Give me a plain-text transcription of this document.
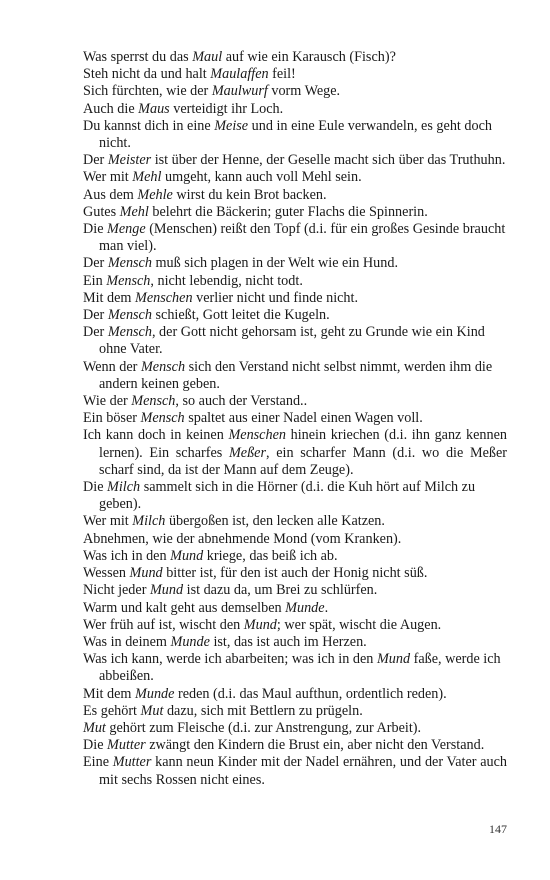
Was sperrst du das Maul auf wie ein Karausch (Fisch)?

Steh nicht da und halt Maulaffen feil!

Sich fürchten, wie der Maulwurf vorm Wege.

Auch die Maus verteidigt ihr Loch.

Du kannst dich in eine Meise und in eine Eule verwandeln, es geht doch nicht.

Der Meister ist über der Henne, der Geselle macht sich über das Truthuhn.

Wer mit Mehl umgeht, kann auch voll Mehl sein.

Aus dem Mehle wirst du kein Brot backen.

Gutes Mehl belehrt die Bäckerin; guter Flachs die Spinnerin.

Die Menge (Menschen) reißt den Topf (d.i. für ein großes Gesinde braucht man viel).

Der Mensch muß sich plagen in der Welt wie ein Hund.

Ein Mensch, nicht lebendig, nicht todt.

Mit dem Menschen verlier nicht und finde nicht.

Der Mensch schießt, Gott leitet die Kugeln.

Der Mensch, der Gott nicht gehorsam ist, geht zu Grunde wie ein Kind ohne Vater.

Wenn der Mensch sich den Verstand nicht selbst nimmt, werden ihm die andern keinen geben.

Wie der Mensch, so auch der Verstand..

Ein böser Mensch spaltet aus einer Nadel einen Wagen voll.

Ich kann doch in keinen Menschen hinein kriechen (d.i. ihn ganz kennen lernen). Ein scharfes Meßer, ein scharfer Mann (d.i. wo die Meßer scharf sind, da ist der Mann auf dem Zeuge).

Die Milch sammelt sich in die Hörner (d.i. die Kuh hört auf Milch zu geben).

Wer mit Milch übergoßen ist, den lecken alle Katzen.

Abnehmen, wie der abnehmende Mond (vom Kranken).

Was ich in den Mund kriege, das beiß ich ab.

Wessen Mund bitter ist, für den ist auch der Honig nicht süß.

Nicht jeder Mund ist dazu da, um Brei zu schlürfen.

Warm und kalt geht aus demselben Munde.

Wer früh auf ist, wischt den Mund; wer spät, wischt die Augen.

Was in deinem Munde ist, das ist auch im Herzen.

Was ich kann, werde ich abarbeiten; was ich in den Mund faße, werde ich abbeißen.

Mit dem Munde reden (d.i. das Maul aufthun, ordentlich reden).

Es gehört Mut dazu, sich mit Bettlern zu prügeln.

Mut gehört zum Fleische (d.i. zur Anstrengung, zur Arbeit).

Die Mutter zwängt den Kindern die Brust ein, aber nicht den Verstand.

Eine Mutter kann neun Kinder mit der Nadel ernähren, und der Vater auch mit sechs Rossen nicht eines.

147
